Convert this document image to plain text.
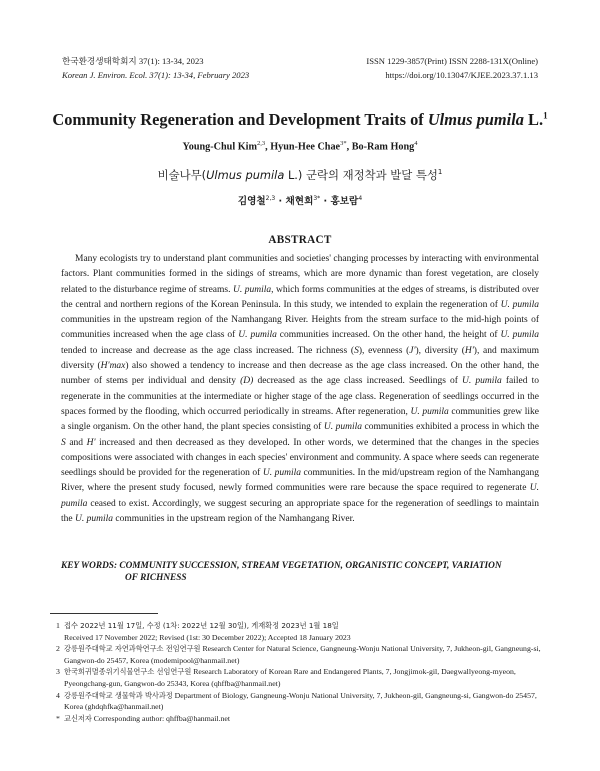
한국환경생태학회지 37(1): 13-34, 2023
Korean J. Environ. Ecol. 37(1): 13-34, February 2023
ISSN 1229-3857(Print) ISSN 2288-131X(Online)
https://doi.org/10.13047/KJEE.2023.37.1.13
Community Regeneration and Development Traits of Ulmus pumila L.$^1$
Young-Chul Kim$^{2,3}$, Hyun-Hee Chae$^{3*}$, Bo-Ram Hong$^4$
비술나무(Ulmus pumila L.) 군락의 재정착과 발달 특성$^1$
김영철$^{2,3}$ · 채현희$^{3*}$ · 홍보람$^4$
ABSTRACT

Many ecologists try to understand plant communities and societies' changing processes by interacting with environmental factors. Plant communities formed in the sidings of streams, which are more dynamic than forest vegetation, are closely related to the disturbance regime of streams. U. pumila, which forms communities at the edges of streams, is distributed over the central and northern regions of the Korean Peninsula. In this study, we intended to explain the regeneration of U. pumila communities in the upstream region of the Namhangang River. Heights from the stream surface to the mid-high points of communities increased when the age class of U. pumila communities increased. On the other hand, the height of U. pumila tended to increase and decrease as the age class increased. The richness (S), evenness (J'), diversity (H'), and maximum diversity (H'max) also showed a tendency to increase and then decrease as the age class increased. On the other hand, the number of stems per individual and density (D) decreased as the age class increased. Seedlings of U. pumila failed to regenerate in the communities at the intermediate or higher stage of the age class. Regeneration of seedlings occurred in the spaces formed by the flooding, which occurred periodically in streams. After regeneration, U. pumila communities grew like a single organism. On the other hand, the plant species consisting of U. pumila communities exhibited a process in which the S and H' increased and then decreased as they developed. In other words, we determined that the changes in the species compositions were associated with changes in each species' environment and community. A space where seeds can regenerate seedlings should be provided for the regeneration of U. pumila communities. In the mid/upstream region of the Namhangang River, where the present study focused, newly formed communities were rare because the space required to regenerate U. pumila ceased to exist. Accordingly, we suggest securing an appropriate space for the regeneration of seedlings to maintain the U. pumila communities in the upstream region of the Namhangang River.

KEY WORDS: COMMUNITY SUCCESSION, STREAM VEGETATION, ORGANISTIC CONCEPT, VARIATION
OF RICHNESS
1 접수 2022년 11월 17일, 수정 (1차: 2022년 12월 30일), 게재확정 2023년 1월 18일
Received 17 November 2022; Revised (1st: 30 December 2022); Accepted 18 January 2023
2 강릉원주대학교 자연과학연구소 전임연구원 Research Center for Natural Science, Gangneung-Wonju National University, 7, Jukheon-gil, Gangneung-si, Gangwon-do 25457, Korea (modemipool@hanmail.net)
3 한국희귀멸종위기식물연구소 선임연구원 Research Laboratory of Korean Rare and Endangered Plants, 7, Jongjimok-gil, Daegwallyeong-myeon, Pyeongchang-gun, Gangwon-do 25343, Korea (qhffba@hanmail.net)
4 강릉원주대학교 생물학과 박사과정 Department of Biology, Gangneung-Wonju National University, 7, Jukheon-gil, Gangneung-si, Gangwon-do 25457, Korea (ghdqhfka@hanmail.net)
* 교신저자 Corresponding author: qhffba@hanmail.net
